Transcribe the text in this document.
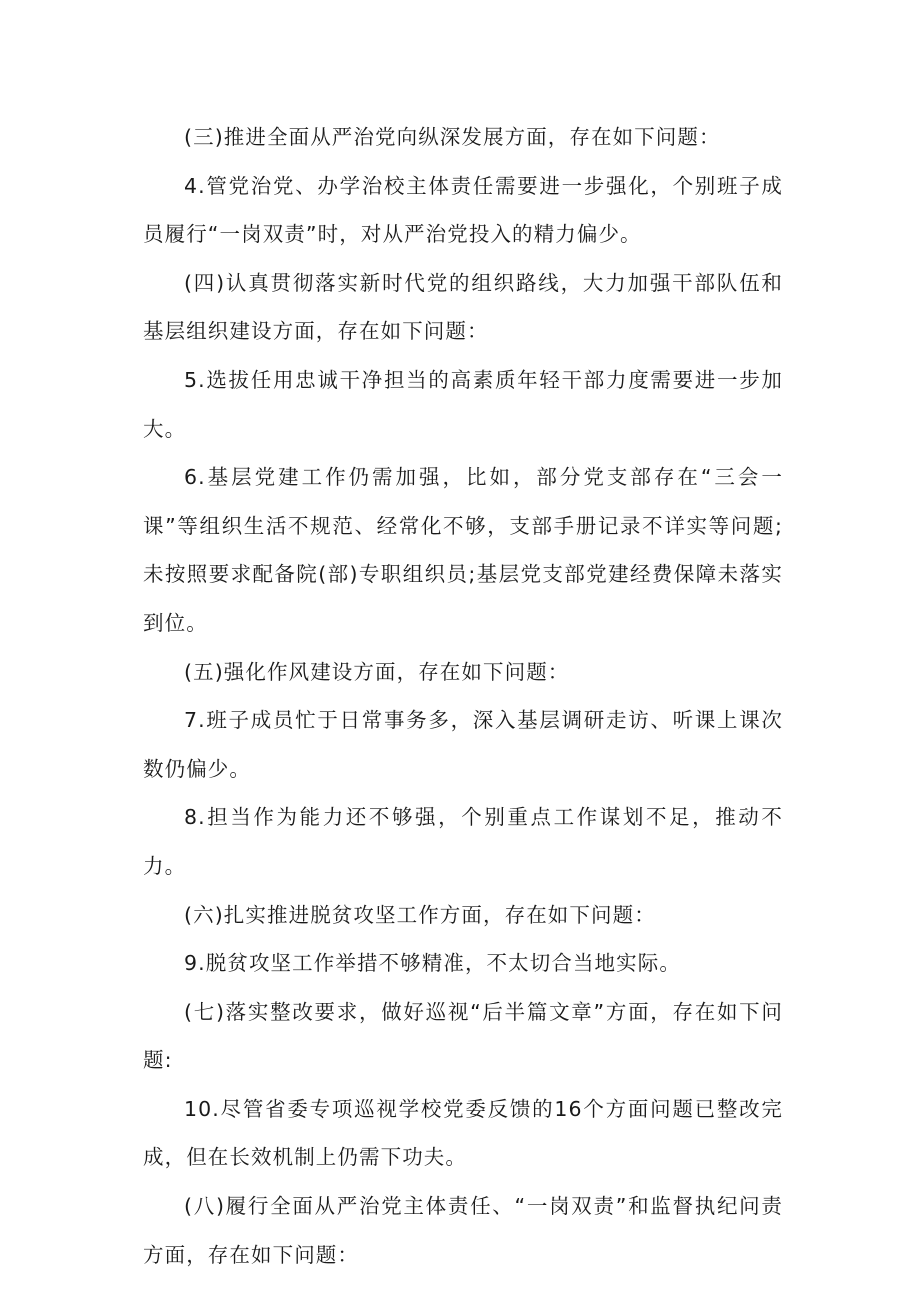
(三)推进全面从严治党向纵深发展方面，存在如下问题：

4.管党治党、办学治校主体责任需要进一步强化，个别班子成员履行“一岗双责”时，对从严治党投入的精力偏少。

(四)认真贯彻落实新时代党的组织路线，大力加强干部队伍和基层组织建设方面，存在如下问题：

5.选拔任用忠诚干净担当的高素质年轻干部力度需要进一步加大。

6.基层党建工作仍需加强，比如，部分党支部存在“三会一课”等组织生活不规范、经常化不够，支部手册记录不详实等问题;未按照要求配备院(部)专职组织员;基层党支部党建经费保障未落实到位。

(五)强化作风建设方面，存在如下问题：

7.班子成员忙于日常事务多，深入基层调研走访、听课上课次数仍偏少。

8.担当作为能力还不够强，个别重点工作谋划不足，推动不力。

(六)扎实推进脱贫攻坚工作方面，存在如下问题：

9.脱贫攻坚工作举措不够精准，不太切合当地实际。

(七)落实整改要求，做好巡视“后半篇文章”方面，存在如下问题:

10.尽管省委专项巡视学校党委反馈的16个方面问题已整改完成，但在长效机制上仍需下功夫。

(八)履行全面从严治党主体责任、“一岗双责”和监督执纪问责方面，存在如下问题：
